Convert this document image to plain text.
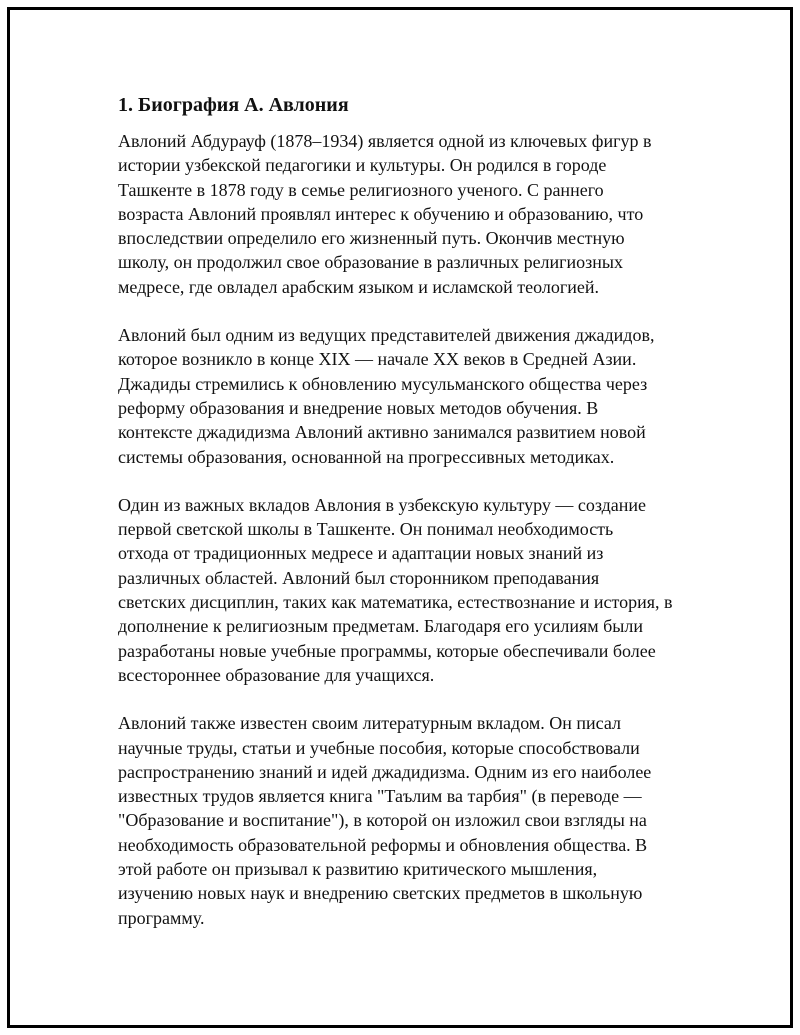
1. Биография А. Авлония

Авлоний Абдурауф (1878–1934) является одной из ключевых фигур в
истории узбекской педагогики и культуры. Он родился в городе
Ташкенте в 1878 году в семье религиозного ученого. С раннего
возраста Авлоний проявлял интерес к обучению и образованию, что
впоследствии определило его жизненный путь. Окончив местную
школу, он продолжил свое образование в различных религиозных
медресе, где овладел арабским языком и исламской теологией.

Авлоний был одним из ведущих представителей движения джадидов,
которое возникло в конце XIX — начале XX веков в Средней Азии.
Джадиды стремились к обновлению мусульманского общества через
реформу образования и внедрение новых методов обучения. В
контексте джадидизма Авлоний активно занимался развитием новой
системы образования, основанной на прогрессивных методиках.

Один из важных вкладов Авлония в узбекскую культуру — создание
первой светской школы в Ташкенте. Он понимал необходимость
отхода от традиционных медресе и адаптации новых знаний из
различных областей. Авлоний был сторонником преподавания
светских дисциплин, таких как математика, естествознание и история, в
дополнение к религиозным предметам. Благодаря его усилиям были
разработаны новые учебные программы, которые обеспечивали более
всестороннее образование для учащихся.

Авлоний также известен своим литературным вкладом. Он писал
научные труды, статьи и учебные пособия, которые способствовали
распространению знаний и идей джадидизма. Одним из его наиболее
известных трудов является книга "Таълим ва тарбия" (в переводе —
"Образование и воспитание"), в которой он изложил свои взгляды на
необходимость образовательной реформы и обновления общества. В
этой работе он призывал к развитию критического мышления,
изучению новых наук и внедрению светских предметов в школьную
программу.
